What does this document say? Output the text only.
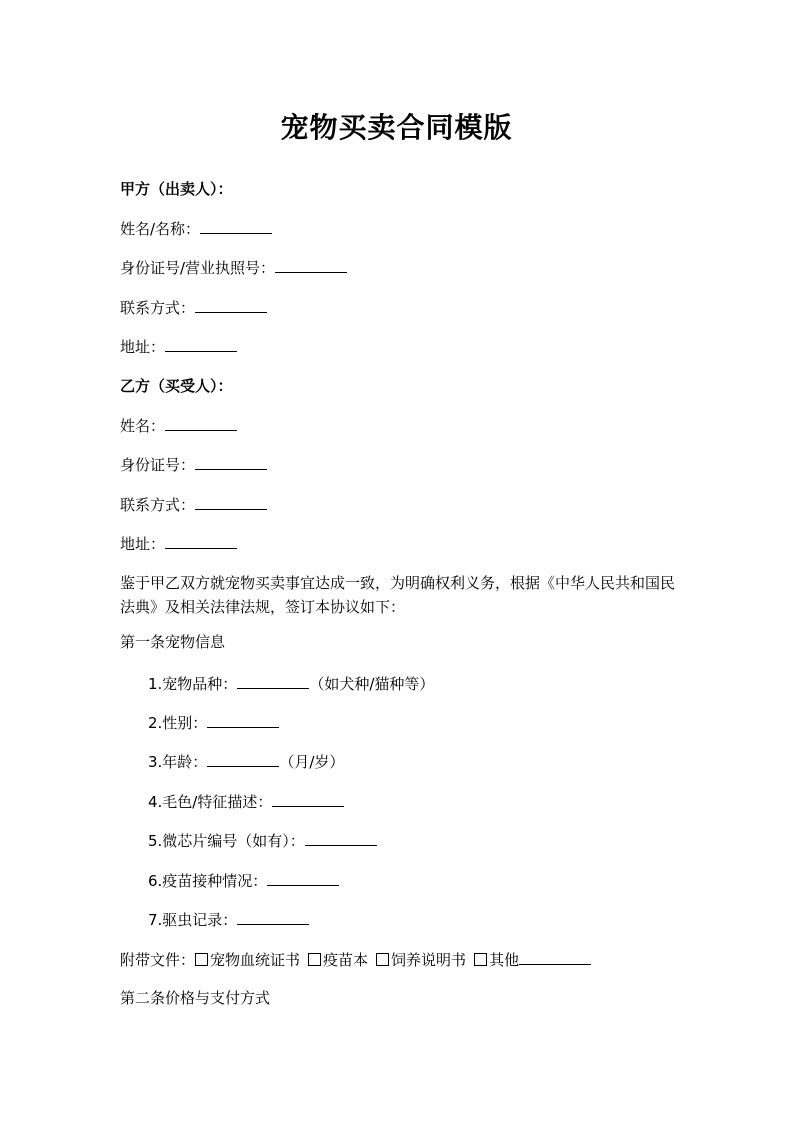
宠物买卖合同模版
甲方（出卖人）：
姓名/名称：
身份证号/营业执照号：
联系方式：
地址：
乙方（买受人）：
姓名：
身份证号：
联系方式：
地址：
鉴于甲乙双方就宠物买卖事宜达成一致，为明确权利义务，根据《中华人民共和国民法典》及相关法律法规，签订本协议如下：
第一条宠物信息
1.宠物品种：	（如犬种/猫种等）
2.性别：
3.年龄：	（月/岁）
4.毛色/特征描述：
5.微芯片编号（如有）：
6.疫苗接种情况：
7.驱虫记录：
附带文件： 宠物血统证书 疫苗本 饲养说明书 其他
第二条价格与支付方式
